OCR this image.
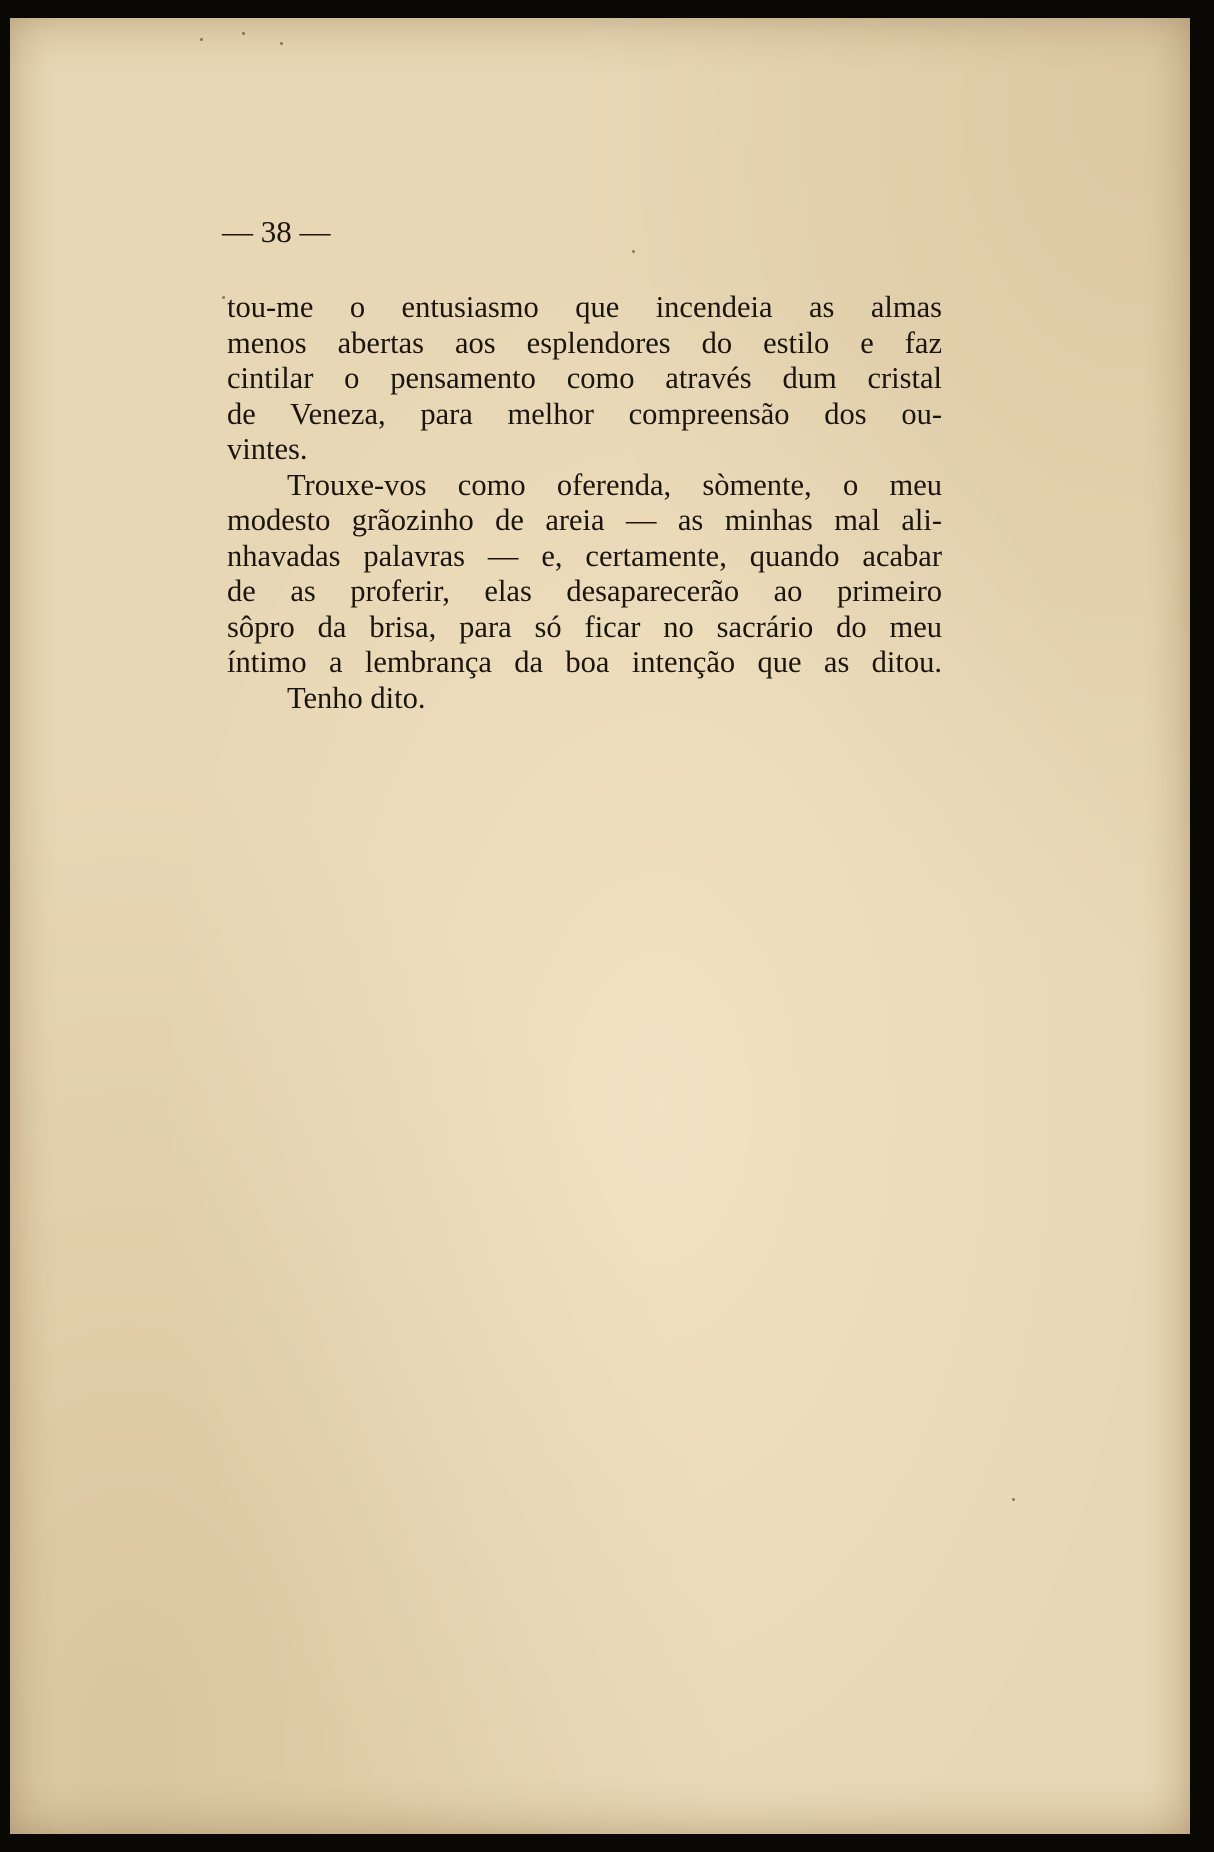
— 38 —
tou-me o entusiasmo que incendeia as almas
menos abertas aos esplendores do estilo e faz
cintilar o pensamento como através dum cristal
de Veneza, para melhor compreensão dos ou-
vintes.
Trouxe-vos como oferenda, sòmente, o meu
modesto grãozinho de areia — as minhas mal ali-
nhavadas palavras — e, certamente, quando acabar
de as proferir, elas desaparecerão ao primeiro
sôpro da brisa, para só ficar no sacrário do meu
íntimo a lembrança da boa intenção que as ditou.
Tenho dito.
